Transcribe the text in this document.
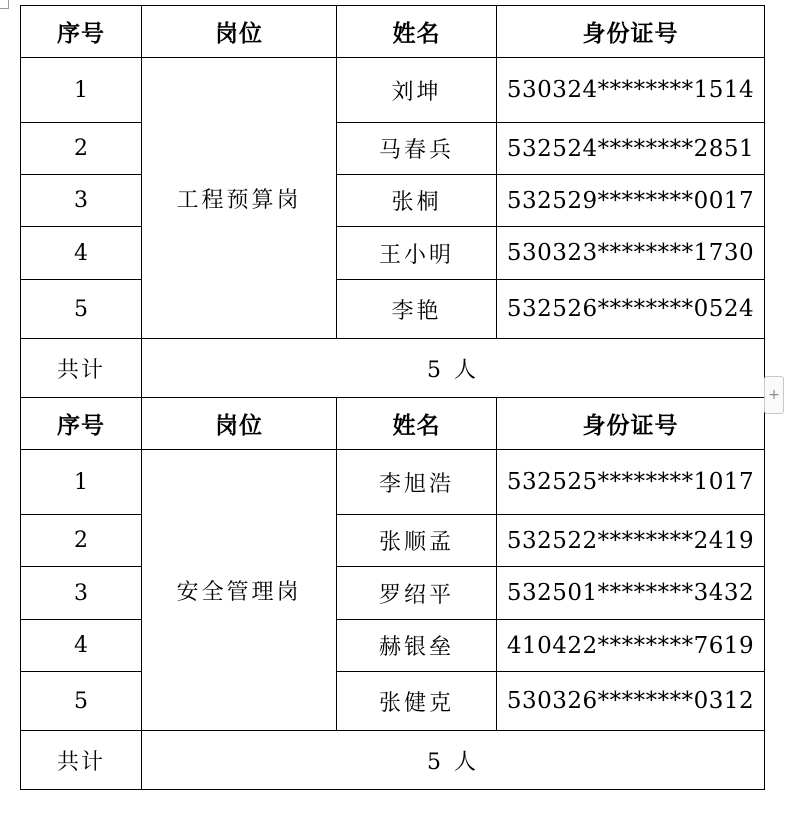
序号	岗位	姓名	身份证号
1	工程预算岗	刘坤	530324********1514
2		马春兵	532524********2851
3		张桐	532529********0017
4		王小明	530323********1730
5		李艳	532526********0524
共计	5 人		
序号	岗位	姓名	身份证号
1	安全管理岗	李旭浩	532525********1017
2		张顺孟	532522********2419
3		罗绍平	532501********3432
4		赫银垒	410422********7619
5		张健克	530326********0312
共计	5 人		
+
